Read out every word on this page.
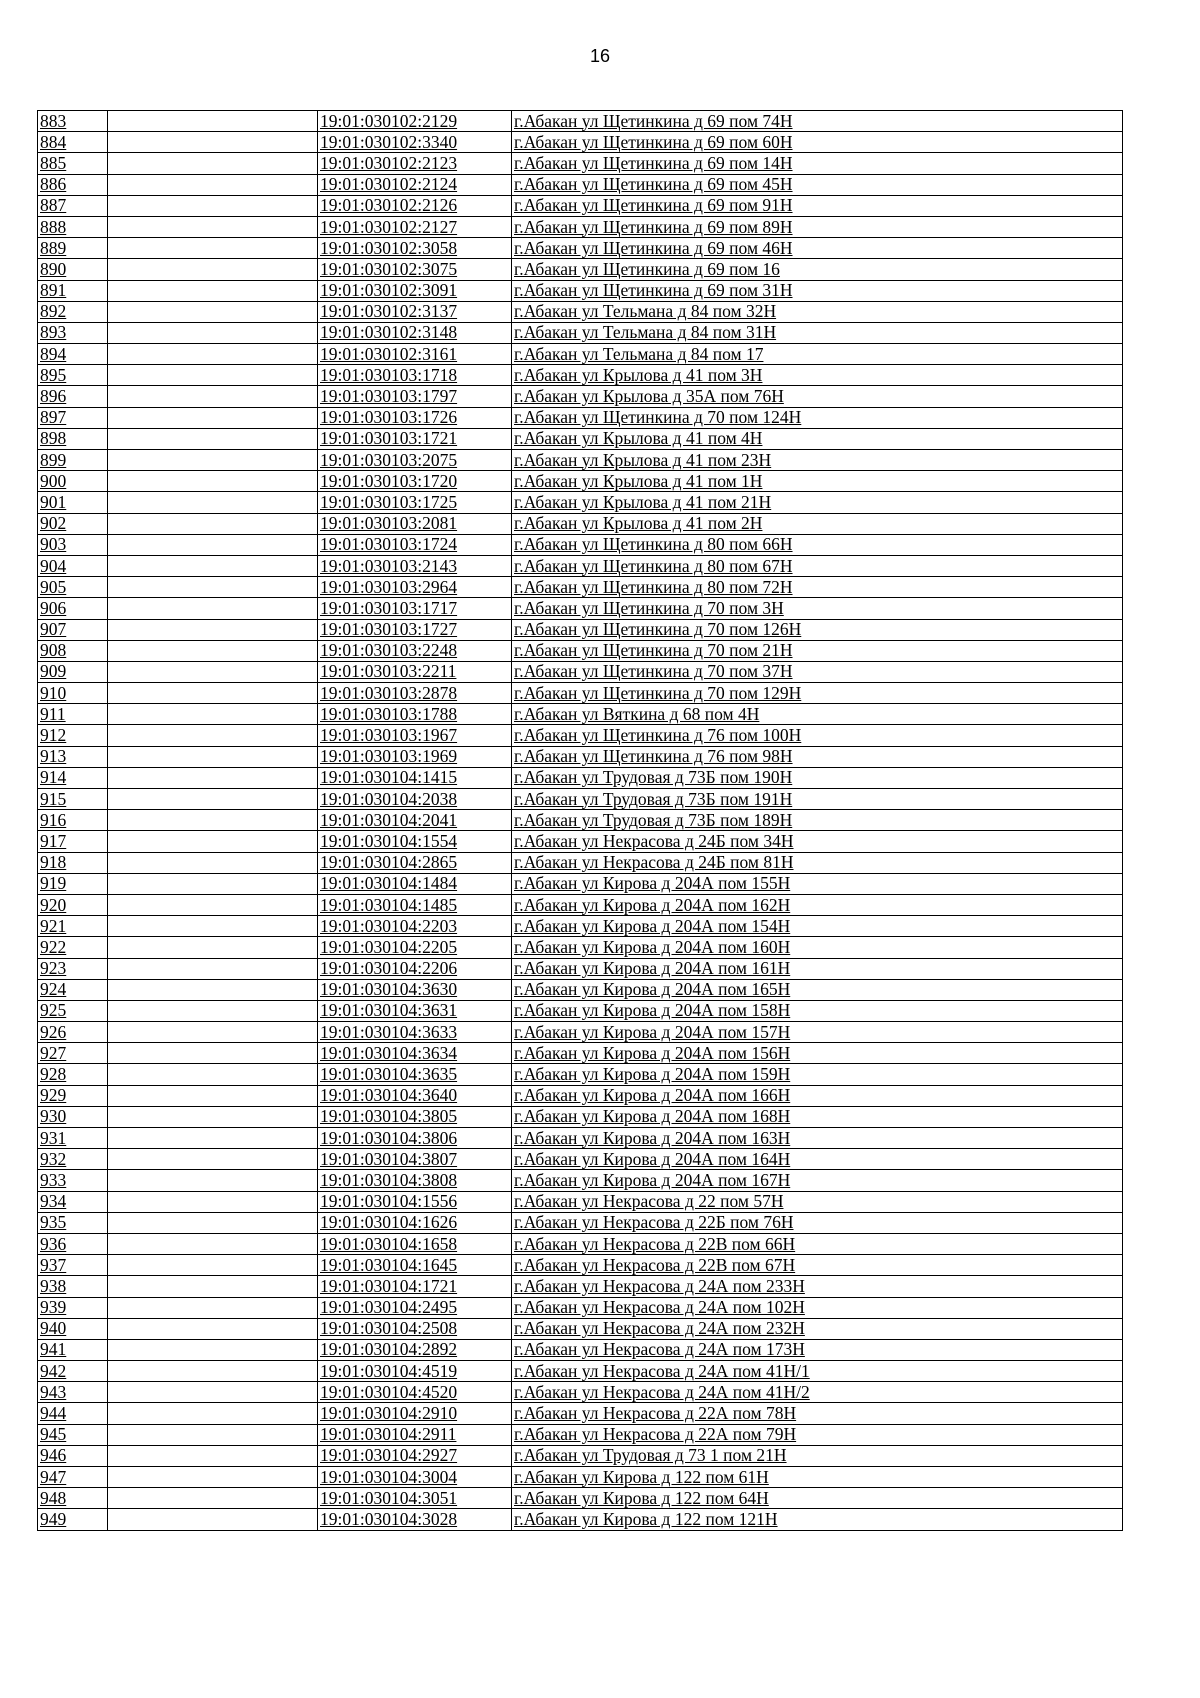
16
883		19:01:030102:2129	г.Абакан ул Щетинкина д 69 пом 74Н
884		19:01:030102:3340	г.Абакан ул Щетинкина д 69 пом 60Н
885		19:01:030102:2123	г.Абакан ул Щетинкина д 69 пом 14Н
886		19:01:030102:2124	г.Абакан ул Щетинкина д 69 пом 45Н
887		19:01:030102:2126	г.Абакан ул Щетинкина д 69 пом 91Н
888		19:01:030102:2127	г.Абакан ул Щетинкина д 69 пом 89Н
889		19:01:030102:3058	г.Абакан ул Щетинкина д 69 пом 46Н
890		19:01:030102:3075	г.Абакан ул Щетинкина д 69 пом 16
891		19:01:030102:3091	г.Абакан ул Щетинкина д 69 пом 31Н
892		19:01:030102:3137	г.Абакан ул Тельмана д 84 пом 32Н
893		19:01:030102:3148	г.Абакан ул Тельмана д 84 пом 31Н
894		19:01:030102:3161	г.Абакан ул Тельмана д 84 пом 17
895		19:01:030103:1718	г.Абакан ул Крылова д 41 пом 3Н
896		19:01:030103:1797	г.Абакан ул Крылова д 35А пом 76Н
897		19:01:030103:1726	г.Абакан ул Щетинкина д 70 пом 124Н
898		19:01:030103:1721	г.Абакан ул Крылова д 41 пом 4Н
899		19:01:030103:2075	г.Абакан ул Крылова д 41 пом 23Н
900		19:01:030103:1720	г.Абакан ул Крылова д 41 пом 1Н
901		19:01:030103:1725	г.Абакан ул Крылова д 41 пом 21Н
902		19:01:030103:2081	г.Абакан ул Крылова д 41 пом 2Н
903		19:01:030103:1724	г.Абакан ул Щетинкина д 80 пом 66Н
904		19:01:030103:2143	г.Абакан ул Щетинкина д 80 пом 67Н
905		19:01:030103:2964	г.Абакан ул Щетинкина д 80 пом 72Н
906		19:01:030103:1717	г.Абакан ул Щетинкина д 70 пом 3Н
907		19:01:030103:1727	г.Абакан ул Щетинкина д 70 пом 126Н
908		19:01:030103:2248	г.Абакан ул Щетинкина д 70 пом 21Н
909		19:01:030103:2211	г.Абакан ул Щетинкина д 70 пом 37Н
910		19:01:030103:2878	г.Абакан ул Щетинкина д 70 пом 129Н
911		19:01:030103:1788	г.Абакан ул Вяткина д 68 пом 4Н
912		19:01:030103:1967	г.Абакан ул Щетинкина д 76 пом 100Н
913		19:01:030103:1969	г.Абакан ул Щетинкина д 76 пом 98Н
914		19:01:030104:1415	г.Абакан ул Трудовая д 73Б пом 190Н
915		19:01:030104:2038	г.Абакан ул Трудовая д 73Б пом 191Н
916		19:01:030104:2041	г.Абакан ул Трудовая д 73Б пом 189Н
917		19:01:030104:1554	г.Абакан ул Некрасова д 24Б пом 34Н
918		19:01:030104:2865	г.Абакан ул Некрасова д 24Б пом 81Н
919		19:01:030104:1484	г.Абакан ул Кирова д 204А пом 155Н
920		19:01:030104:1485	г.Абакан ул Кирова д 204А пом 162Н
921		19:01:030104:2203	г.Абакан ул Кирова д 204А пом 154Н
922		19:01:030104:2205	г.Абакан ул Кирова д 204А пом 160Н
923		19:01:030104:2206	г.Абакан ул Кирова д 204А пом 161Н
924		19:01:030104:3630	г.Абакан ул Кирова д 204А пом 165Н
925		19:01:030104:3631	г.Абакан ул Кирова д 204А пом 158Н
926		19:01:030104:3633	г.Абакан ул Кирова д 204А пом 157Н
927		19:01:030104:3634	г.Абакан ул Кирова д 204А пом 156Н
928		19:01:030104:3635	г.Абакан ул Кирова д 204А пом 159Н
929		19:01:030104:3640	г.Абакан ул Кирова д 204А пом 166Н
930		19:01:030104:3805	г.Абакан ул Кирова д 204А пом 168Н
931		19:01:030104:3806	г.Абакан ул Кирова д 204А пом 163Н
932		19:01:030104:3807	г.Абакан ул Кирова д 204А пом 164Н
933		19:01:030104:3808	г.Абакан ул Кирова д 204А пом 167Н
934		19:01:030104:1556	г.Абакан ул Некрасова д 22 пом 57Н
935		19:01:030104:1626	г.Абакан ул Некрасова д 22Б пом 76Н
936		19:01:030104:1658	г.Абакан ул Некрасова д 22В пом 66Н
937		19:01:030104:1645	г.Абакан ул Некрасова д 22В пом 67Н
938		19:01:030104:1721	г.Абакан ул Некрасова д 24А пом 233Н
939		19:01:030104:2495	г.Абакан ул Некрасова д 24А пом 102Н
940		19:01:030104:2508	г.Абакан ул Некрасова д 24А пом 232Н
941		19:01:030104:2892	г.Абакан ул Некрасова д 24А пом 173Н
942		19:01:030104:4519	г.Абакан ул Некрасова д 24А пом 41Н/1
943		19:01:030104:4520	г.Абакан ул Некрасова д 24А пом 41Н/2
944		19:01:030104:2910	г.Абакан ул Некрасова д 22А пом 78Н
945		19:01:030104:2911	г.Абакан ул Некрасова д 22А пом 79Н
946		19:01:030104:2927	г.Абакан ул Трудовая д 73 1 пом 21Н
947		19:01:030104:3004	г.Абакан ул Кирова д 122 пом 61Н
948		19:01:030104:3051	г.Абакан ул Кирова д 122 пом 64Н
949		19:01:030104:3028	г.Абакан ул Кирова д 122 пом 121Н
